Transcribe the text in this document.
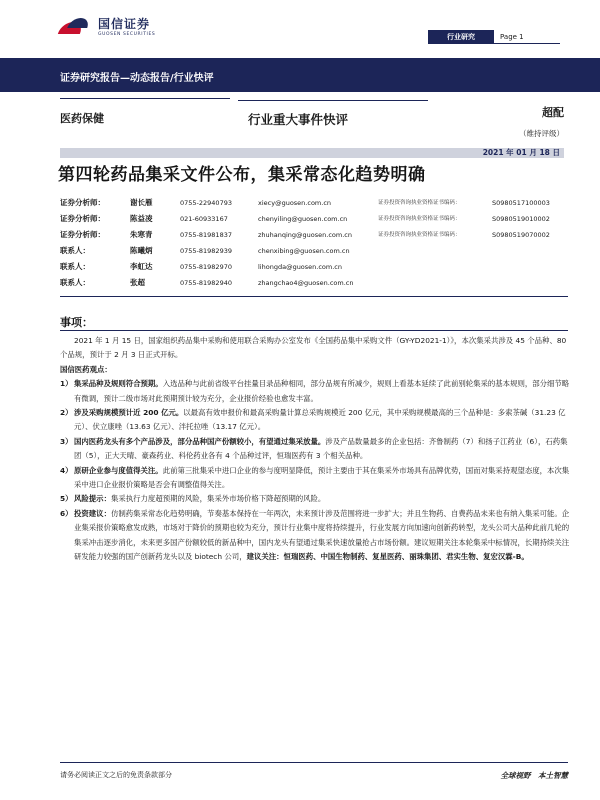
国信证券
GUOSEN SECURITIES	行业研究	Page 1
证券研究报告—动态报告/行业快评
医药保健	行业重大事件快评	超配
（维持评级）
2021 年 01 月 18 日
第四轮药品集采文件公布，集采常态化趋势明确
证券分析师：	谢长雁	0755-22940793	xiecy@guosen.com.cn	证券投资咨询执业资格证书编码：	S0980517100003
证券分析师：	陈益凌	021-60933167	chenyiling@guosen.com.cn	证券投资咨询执业资格证书编码：	S0980519010002
证券分析师：	朱寒青	0755-81981837	zhuhanqing@guosen.com.cn	证券投资咨询执业资格证书编码：	S0980519070002
联系人：	陈曦炳	0755-81982939	chenxibing@guosen.com.cn
联系人：	李虹达	0755-81982970	lihongda@guosen.com.cn
联系人：	张超	0755-81982940	zhangchao4@guosen.com.cn
事项：

2021 年 1 月 15 日，国家组织药品集中采购和使用联合采购办公室发布《全国药品集中采购文件（GY-YD2021-1）》，本次集采共涉及 45 个品种、80 个品规，预计于 2 月 3 日正式开标。

国信医药观点：

1） 集采品种及规则符合预期。入选品种与此前省级平台挂量目录品种相同，部分品规有所减少，规则上看基本延续了此前别轮集采的基本规则，部分细节略有微调，预计二级市场对此预期预计较为充分，企业报价经验也愈发丰富。
2） 涉及采购规模预计近 200 亿元。以最高有效申报价和最高采购量计算总采购规模近 200 亿元，其中采购规模最高的三个品种是：多索茶碱（31.23 亿元）、伏立康唑（13.63 亿元）、泮托拉唑（13.17 亿元）。
3） 国内医药龙头有多个产品涉及，部分品种国产份额较小，有望通过集采放量。涉及产品数量最多的企业包括：齐鲁制药（7）和扬子江药业（6），石药集团（5），正大天晴、豪森药业、科伦药业各有 4 个品种过评，恒瑞医药有 3 个相关品种。
4） 原研企业参与度值得关注。此前第三批集采中进口企业的参与度明显降低，预计主要由于其在集采外市场具有品牌优势，国而对集采持观望态度，本次集采中进口企业报价策略是否会有调整值得关注。
5） 风险提示：集采执行力度超预期的风险，集采外市场价格下降超预期的风险。
6） 投资建议：仿制药集采常态化趋势明确，节奏基本保持在一年两次，未来预计涉及范围将进一步扩大；并且生物药、自费药品未来也有纳入集采可能。企业集采报价策略愈发成熟，市场对于降价的预期也较为充分，预计行业集中度将持续提升，行业发展方向加速向创新药转型，龙头公司大品种此前几轮的集采冲击逐步消化，未来更多国产份额较低的新品种中，国内龙头有望通过集采快速放量抢占市场份额。建议短期关注本轮集采中标情况，长期持续关注研发能力较强的国产创新药龙头以及 biotech 公司，建议关注：恒瑞医药、中国生物制药、复星医药、丽珠集团、君实生物、复宏汉霖-B。
请务必阅读正文之后的免责条款部分	全球视野　本土智慧
